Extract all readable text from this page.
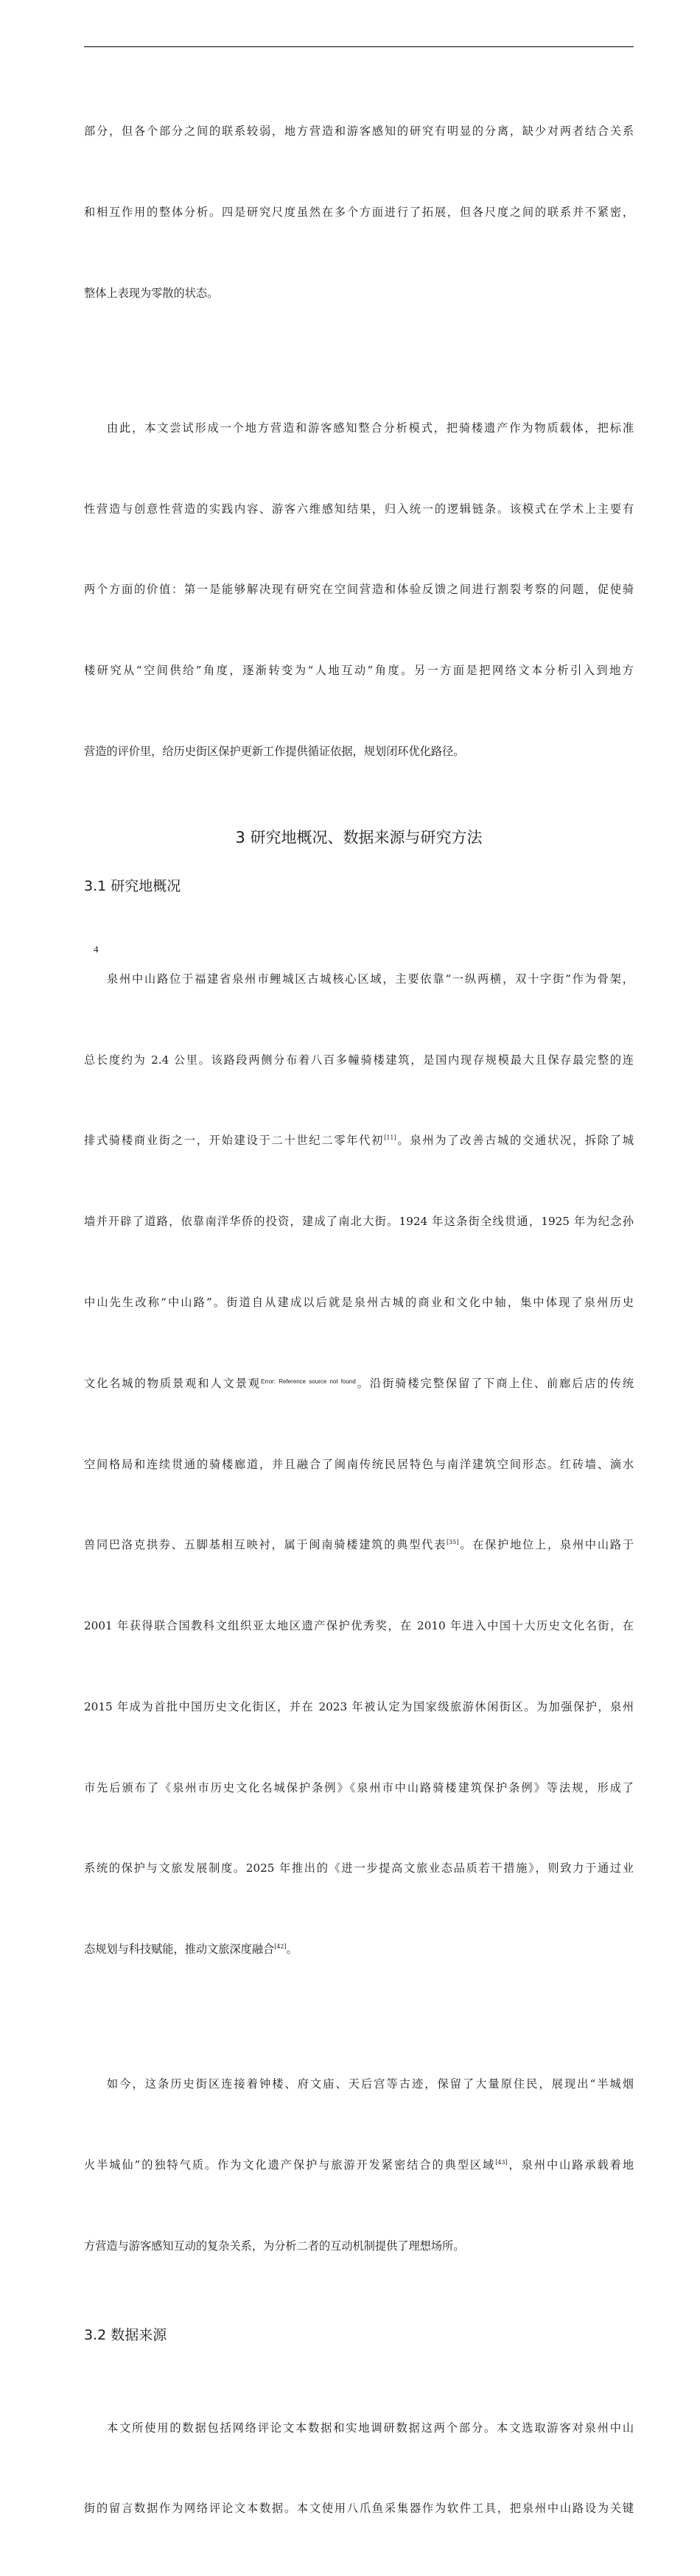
部分，但各个部分之间的联系较弱，地方营造和游客感知的研究有明显的分离，缺少对两者结合关系

和相互作用的整体分析。四是研究尺度虽然在多个方面进行了拓展，但各尺度之间的联系并不紧密，

整体上表现为零散的状态。

由此，本文尝试形成一个地方营造和游客感知整合分析模式，把骑楼遗产作为物质载体，把标准

性营造与创意性营造的实践内容、游客六维感知结果，归入统一的逻辑链条。该模式在学术上主要有

两个方面的价值：第一是能够解决现有研究在空间营造和体验反馈之间进行割裂考察的问题，促使骑

楼研究从“空间供给”角度，逐渐转变为“人地互动”角度。另一方面是把网络文本分析引入到地方

营造的评价里，给历史街区保护更新工作提供循证依据，规划闭环优化路径。

3 研究地概况、数据来源与研究方法
3.1 研究地概况

泉州中山路位于福建省泉州市鲤城区古城核心区域，主要依靠“一纵两横，双十字街”作为骨架，

总长度约为 2.4 公里。该路段两侧分布着八百多幢骑楼建筑，是国内现存规模最大且保存最完整的连

排式骑楼商业街之一，开始建设于二十世纪二零年代初[11]。泉州为了改善古城的交通状况，拆除了城

墙并开辟了道路，依靠南洋华侨的投资，建成了南北大街。1924 年这条街全线贯通，1925 年为纪念孙

中山先生改称“中山路”。街道自从建成以后就是泉州古城的商业和文化中轴，集中体现了泉州历史

文化名城的物质景观和人文景观$^{Error: Reference source not found}$。沿街骑楼完整保留了下商上住、前廊后店的传统

空间格局和连续贯通的骑楼廊道，并且融合了闽南传统民居特色与南洋建筑空间形态。红砖墙、滴水

兽同巴洛克拱券、五脚基相互映衬，属于闽南骑楼建筑的典型代表[35]。在保护地位上，泉州中山路于

2001 年获得联合国教科文组织亚太地区遗产保护优秀奖，在 2010 年进入中国十大历史文化名街，在

2015 年成为首批中国历史文化街区，并在 2023 年被认定为国家级旅游休闲街区。为加强保护，泉州

市先后颁布了《泉州市历史文化名城保护条例》《泉州市中山路骑楼建筑保护条例》等法规，形成了

系统的保护与文旅发展制度。2025 年推出的《进一步提高文旅业态品质若干措施》，则致力于通过业

态规划与科技赋能，推动文旅深度融合[42]。

如今，这条历史街区连接着钟楼、府文庙、天后宫等古迹，保留了大量原住民，展现出“半城烟

火半城仙”的独特气质。作为文化遗产保护与旅游开发紧密结合的典型区域[43]，泉州中山路承载着地

方营造与游客感知互动的复杂关系，为分析二者的互动机制提供了理想场所。

3.2 数据来源

本文所使用的数据包括网络评论文本数据和实地调研数据这两个部分。本文选取游客对泉州中山

街的留言数据作为网络评论文本数据。本文使用八爪鱼采集器作为软件工具，把泉州中山路设为关键

4
